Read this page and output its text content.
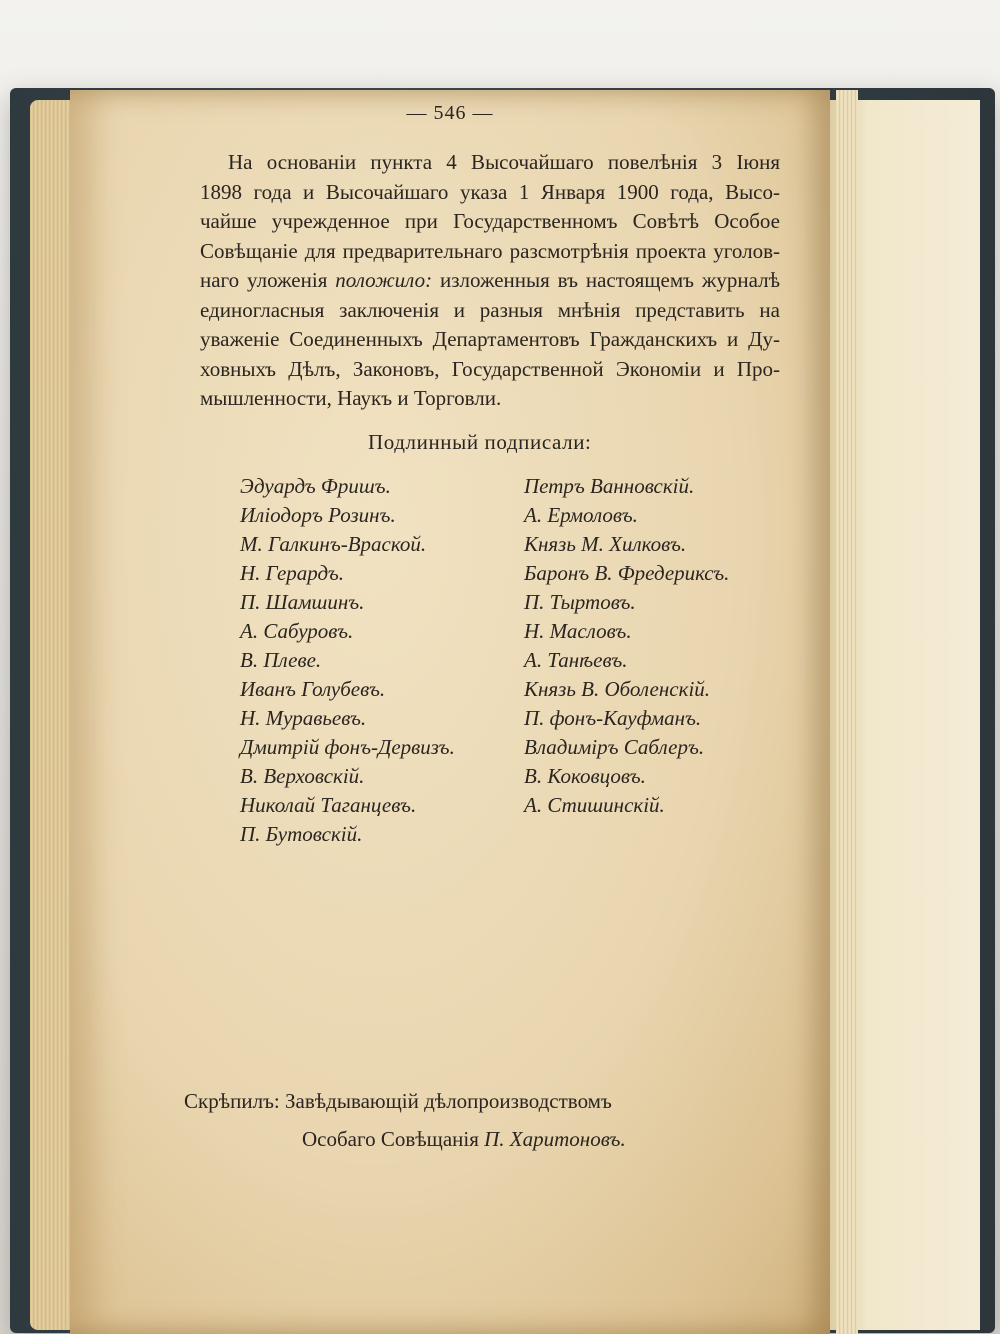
— 546 —
На основаніи пункта 4 Высочайшаго повелѣнія 3 Іюня
1898 года и Высочайшаго указа 1 Января 1900 года, Высо-
чайше учрежденное при Государственномъ Совѣтѣ Особое
Совѣщаніе для предварительнаго разсмотрѣнія проекта уголов-
наго уложенія положило: изложенныя въ настоящемъ журналѣ
единогласныя заключенія и разныя мнѣнія представить на
уваженіе Соединенныхъ Департаментовъ Гражданскихъ и Ду-
ховныхъ Дѣлъ, Законовъ, Государственной Экономіи и Про-
мышленности, Наукъ и Торговли.
Подлинный подписали:
Эдуардъ Фришъ.
Илiодоръ Розинъ.
М. Галкинъ-Враской.
Н. Герардъ.
П. Шамшинъ.
А. Сабуровъ.
В. Плеве.
Иванъ Голубевъ.
Н. Муравьевъ.
Дмитрiй фонъ-Дервизъ.
В. Верховскiй.
Николай Таганцевъ.
П. Бутовскiй.
Петръ Ванновскiй.
А. Ермоловъ.
Князь М. Хилковъ.
Баронъ В. Фредериксъ.
П. Тыртовъ.
Н. Масловъ.
А. Танѣевъ.
Князь В. Оболенскiй.
П. фонъ-Кауфманъ.
Владимiръ Саблеръ.
В. Коковцовъ.
А. Стишинскiй.
Скрѣпилъ: Завѣдывающiй дѣлопроизводствомъ
Особаго Совѣщанiя П. Харитоновъ.
